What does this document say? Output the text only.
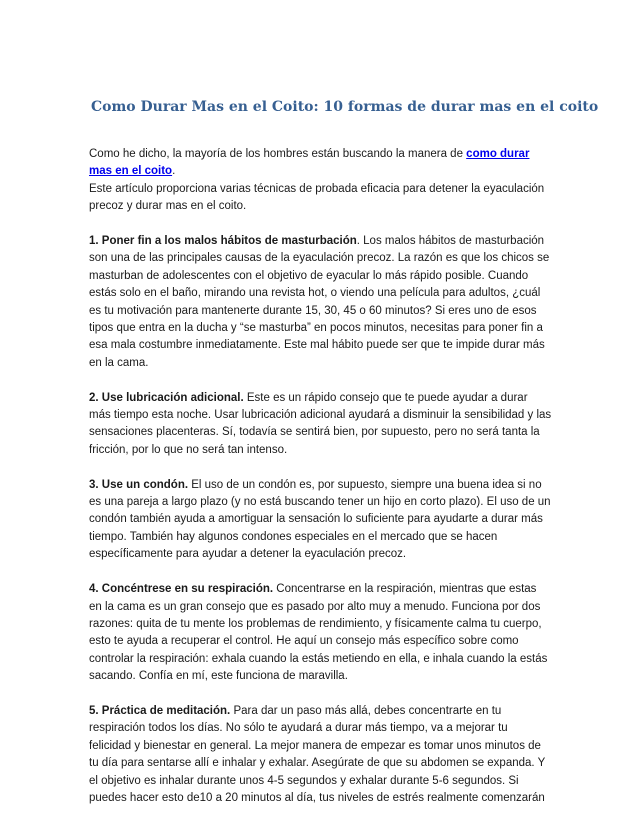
Como Durar Mas en el Coito: 10 formas de durar mas en el coito

Como he dicho, la mayoría de los hombres están buscando la manera de como durar mas en el coito.

Este artículo proporciona varias técnicas de probada eficacia para detener la eyaculación precoz y durar mas en el coito.

1. Poner fin a los malos hábitos de masturbación. Los malos hábitos de masturbación son una de las principales causas de la eyaculación precoz. La razón es que los chicos se masturban de adolescentes con el objetivo de eyacular lo más rápido posible. Cuando estás solo en el baño, mirando una revista hot, o viendo una película para adultos, ¿cuál es tu motivación para mantenerte durante 15, 30, 45 o 60 minutos? Si eres uno de esos tipos que entra en la ducha y “se masturba” en pocos minutos, necesitas para poner fin a esa mala costumbre inmediatamente. Este mal hábito puede ser que te impide durar más en la cama.

2. Use lubricación adicional. Este es un rápido consejo que te puede ayudar a durar más tiempo esta noche. Usar lubricación adicional ayudará a disminuir la sensibilidad y las sensaciones placenteras. Sí, todavía se sentirá bien, por supuesto, pero no será tanta la fricción, por lo que no será tan intenso.

3. Use un condón. El uso de un condón es, por supuesto, siempre una buena idea si no es una pareja a largo plazo (y no está buscando tener un hijo en corto plazo). El uso de un condón también ayuda a amortiguar la sensación lo suficiente para ayudarte a durar más tiempo. También hay algunos condones especiales en el mercado que se hacen específicamente para ayudar a detener la eyaculación precoz.

4. Concéntrese en su respiración. Concentrarse en la respiración, mientras que estas en la cama es un gran consejo que es pasado por alto muy a menudo. Funciona por dos razones: quita de tu mente los problemas de rendimiento, y físicamente calma tu cuerpo, esto te ayuda a recuperar el control. He aquí un consejo más específico sobre como controlar la respiración: exhala cuando la estás metiendo en ella, e inhala cuando la estás sacando. Confía en mí, este funciona de maravilla.

5. Práctica de meditación. Para dar un paso más allá, debes concentrarte en tu respiración todos los días. No sólo te ayudará a durar más tiempo, va a mejorar tu felicidad y bienestar en general. La mejor manera de empezar es tomar unos minutos de tu día para sentarse allí e inhalar y exhalar. Asegúrate de que su abdomen se expanda. Y el objetivo es inhalar durante unos 4-5 segundos y exhalar durante 5-6 segundos. Si puedes hacer esto de10 a 20 minutos al día, tus niveles de estrés realmente comenzarán
